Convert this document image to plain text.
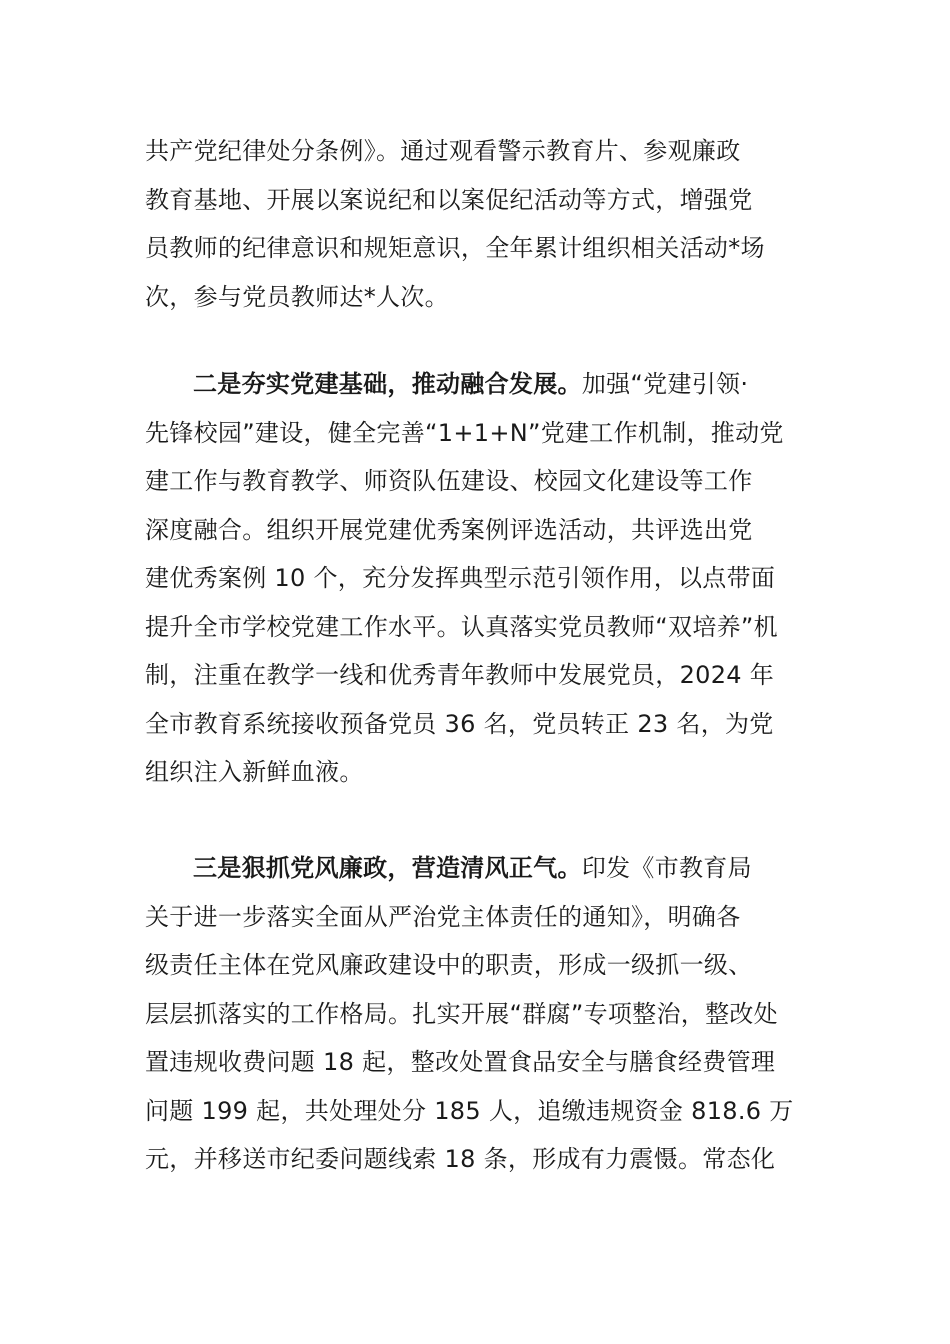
共产党纪律处分条例》。通过观看警示教育片、参观廉政
教育基地、开展以案说纪和以案促纪活动等方式，增强党
员教师的纪律意识和规矩意识，全年累计组织相关活动*场
次，参与党员教师达*人次。
二是夯实党建基础，推动融合发展。加强“党建引领·
先锋校园”建设，健全完善“1+1+N”党建工作机制，推动党
建工作与教育教学、师资队伍建设、校园文化建设等工作
深度融合。组织开展党建优秀案例评选活动，共评选出党
建优秀案例 10 个，充分发挥典型示范引领作用，以点带面
提升全市学校党建工作水平。认真落实党员教师“双培养”机
制，注重在教学一线和优秀青年教师中发展党员，2024 年
全市教育系统接收预备党员 36 名，党员转正 23 名，为党
组织注入新鲜血液。
三是狠抓党风廉政，营造清风正气。印发《市教育局
关于进一步落实全面从严治党主体责任的通知》，明确各
级责任主体在党风廉政建设中的职责，形成一级抓一级、
层层抓落实的工作格局。扎实开展“群腐”专项整治，整改处
置违规收费问题 18 起，整改处置食品安全与膳食经费管理
问题 199 起，共处理处分 185 人，追缴违规资金 818.6 万
元，并移送市纪委问题线索 18 条，形成有力震慑。常态化
